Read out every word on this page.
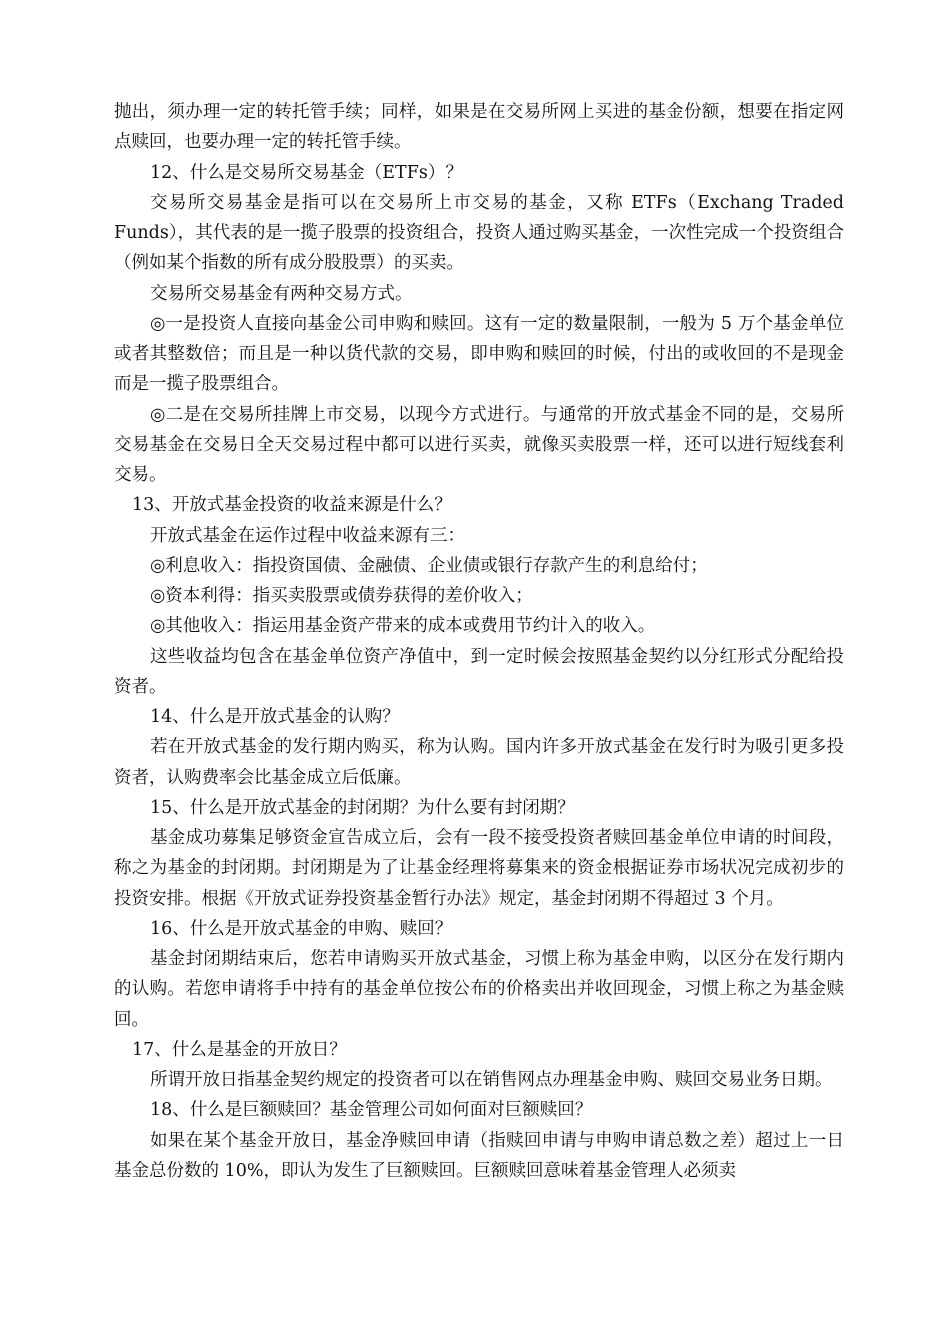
抛出，须办理一定的转托管手续；同样，如果是在交易所网上买进的基金份额，想要在指定网点赎回，也要办理一定的转托管手续。

12、什么是交易所交易基金（ETFs）？

交易所交易基金是指可以在交易所上市交易的基金，又称 ETFs（Exchang Traded Funds），其代表的是一揽子股票的投资组合，投资人通过购买基金，一次性完成一个投资组合（例如某个指数的所有成分股股票）的买卖。

交易所交易基金有两种交易方式。

◎一是投资人直接向基金公司申购和赎回。这有一定的数量限制，一般为 5 万个基金单位或者其整数倍；而且是一种以货代款的交易，即申购和赎回的时候，付出的或收回的不是现金而是一揽子股票组合。

◎二是在交易所挂牌上市交易，以现今方式进行。与通常的开放式基金不同的是，交易所交易基金在交易日全天交易过程中都可以进行买卖，就像买卖股票一样，还可以进行短线套利交易。

13、开放式基金投资的收益来源是什么？

开放式基金在运作过程中收益来源有三：

◎利息收入：指投资国债、金融债、企业债或银行存款产生的利息给付；

◎资本利得：指买卖股票或债券获得的差价收入；

◎其他收入：指运用基金资产带来的成本或费用节约计入的收入。

这些收益均包含在基金单位资产净值中，到一定时候会按照基金契约以分红形式分配给投资者。

14、什么是开放式基金的认购？

若在开放式基金的发行期内购买，称为认购。国内许多开放式基金在发行时为吸引更多投资者，认购费率会比基金成立后低廉。

15、什么是开放式基金的封闭期？为什么要有封闭期？

基金成功募集足够资金宣告成立后，会有一段不接受投资者赎回基金单位申请的时间段，称之为基金的封闭期。封闭期是为了让基金经理将募集来的资金根据证券市场状况完成初步的投资安排。根据《开放式证券投资基金暂行办法》规定，基金封闭期不得超过 3 个月。

16、什么是开放式基金的申购、赎回？

基金封闭期结束后，您若申请购买开放式基金，习惯上称为基金申购，以区分在发行期内的认购。若您申请将手中持有的基金单位按公布的价格卖出并收回现金，习惯上称之为基金赎回。

17、什么是基金的开放日？

所谓开放日指基金契约规定的投资者可以在销售网点办理基金申购、赎回交易业务日期。

18、什么是巨额赎回？基金管理公司如何面对巨额赎回？

如果在某个基金开放日，基金净赎回申请（指赎回申请与申购申请总数之差）超过上一日基金总份数的 10%，即认为发生了巨额赎回。巨额赎回意味着基金管理人必须卖
